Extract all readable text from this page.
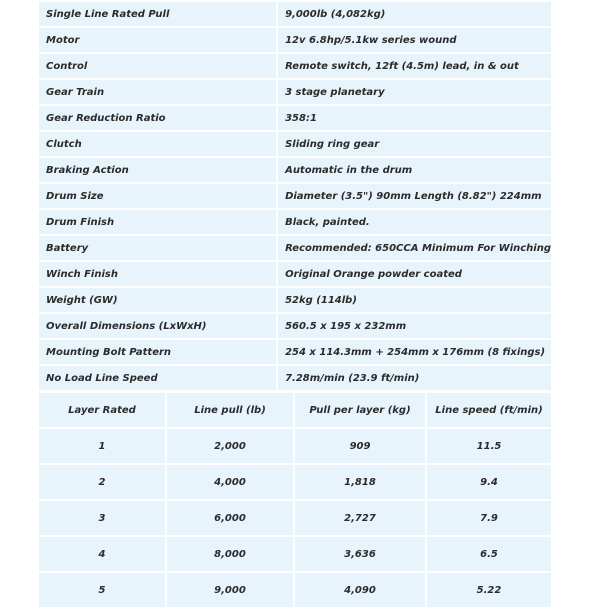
Single Line Rated Pull	9,000lb (4,082kg)
Motor	12v 6.8hp/5.1kw series wound
Control	Remote switch, 12ft (4.5m) lead, in & out
Gear Train	3 stage planetary
Gear Reduction Ratio	358:1
Clutch	Sliding ring gear
Braking Action	Automatic in the drum
Drum Size	Diameter (3.5") 90mm Length (8.82") 224mm
Drum Finish	Black, painted.
Battery	Recommended: 650CCA Minimum For Winching
Winch Finish	Original Orange powder coated
Weight (GW)	52kg (114lb)
Overall Dimensions (LxWxH)	560.5 x 195 x 232mm
Mounting Bolt Pattern	254 x 114.3mm + 254mm x 176mm (8 fixings)
No Load Line Speed	7.28m/min (23.9 ft/min)
Layer Rated	Line pull (lb)	Pull per layer (kg)	Line speed (ft/min)
1	2,000	909	11.5
2	4,000	1,818	9.4
3	6,000	2,727	7.9
4	8,000	3,636	6.5
5	9,000	4,090	5.22
